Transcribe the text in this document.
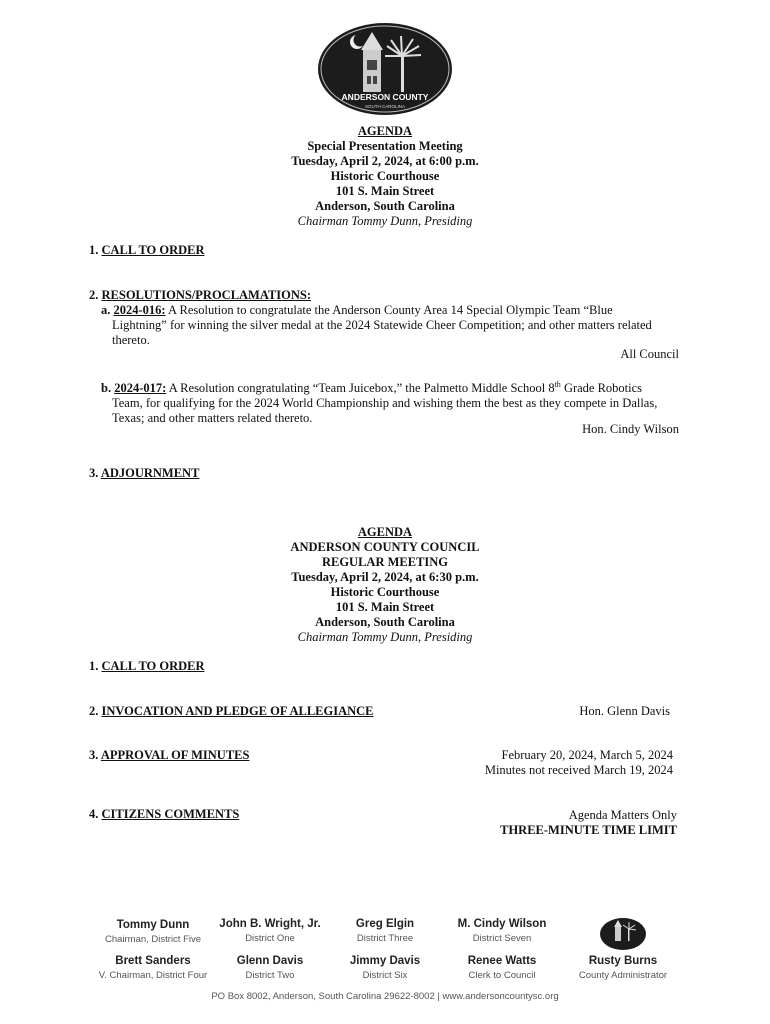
ANDERSON COUNTY
SOUTH CAROLINA
AGENDA
Special Presentation Meeting
Tuesday, April 2, 2024, at 6:00 p.m.
Historic Courthouse
101 S. Main Street
Anderson, South Carolina
Chairman Tommy Dunn, Presiding
1. CALL TO ORDER
2. RESOLUTIONS/PROCLAMATIONS:
a. 2024-016: A Resolution to congratulate the Anderson County Area 14 Special Olympic Team “Blue
Lightning” for winning the silver medal at the 2024 Statewide Cheer Competition; and other matters related
thereto.
All Council
b. 2024-017: A Resolution congratulating “Team Juicebox,” the Palmetto Middle School 8th Grade Robotics
Team, for qualifying for the 2024 World Championship and wishing them the best as they compete in Dallas,
Texas; and other matters related thereto.
Hon. Cindy Wilson
3. ADJOURNMENT
AGENDA
ANDERSON COUNTY COUNCIL
REGULAR MEETING
Tuesday, April 2, 2024, at 6:30 p.m.
Historic Courthouse
101 S. Main Street
Anderson, South Carolina
Chairman Tommy Dunn, Presiding
1. CALL TO ORDER
2. INVOCATION AND PLEDGE OF ALLEGIANCE	Hon. Glenn Davis
3. APPROVAL OF MINUTES	February 20, 2024, March 5, 2024
Minutes not received March 19, 2024
4. CITIZENS COMMENTS	Agenda Matters Only
THREE-MINUTE TIME LIMIT
Tommy Dunn
Chairman, District Five
John B. Wright, Jr.
District One
Greg Elgin
District Three
M. Cindy Wilson
District Seven
Brett Sanders
V. Chairman, District Four
Glenn Davis
District Two
Jimmy Davis
District Six
Renee Watts
Clerk to Council
Rusty Burns
County Administrator
PO Box 8002, Anderson, South Carolina 29622-8002 | www.andersoncountysc.org
